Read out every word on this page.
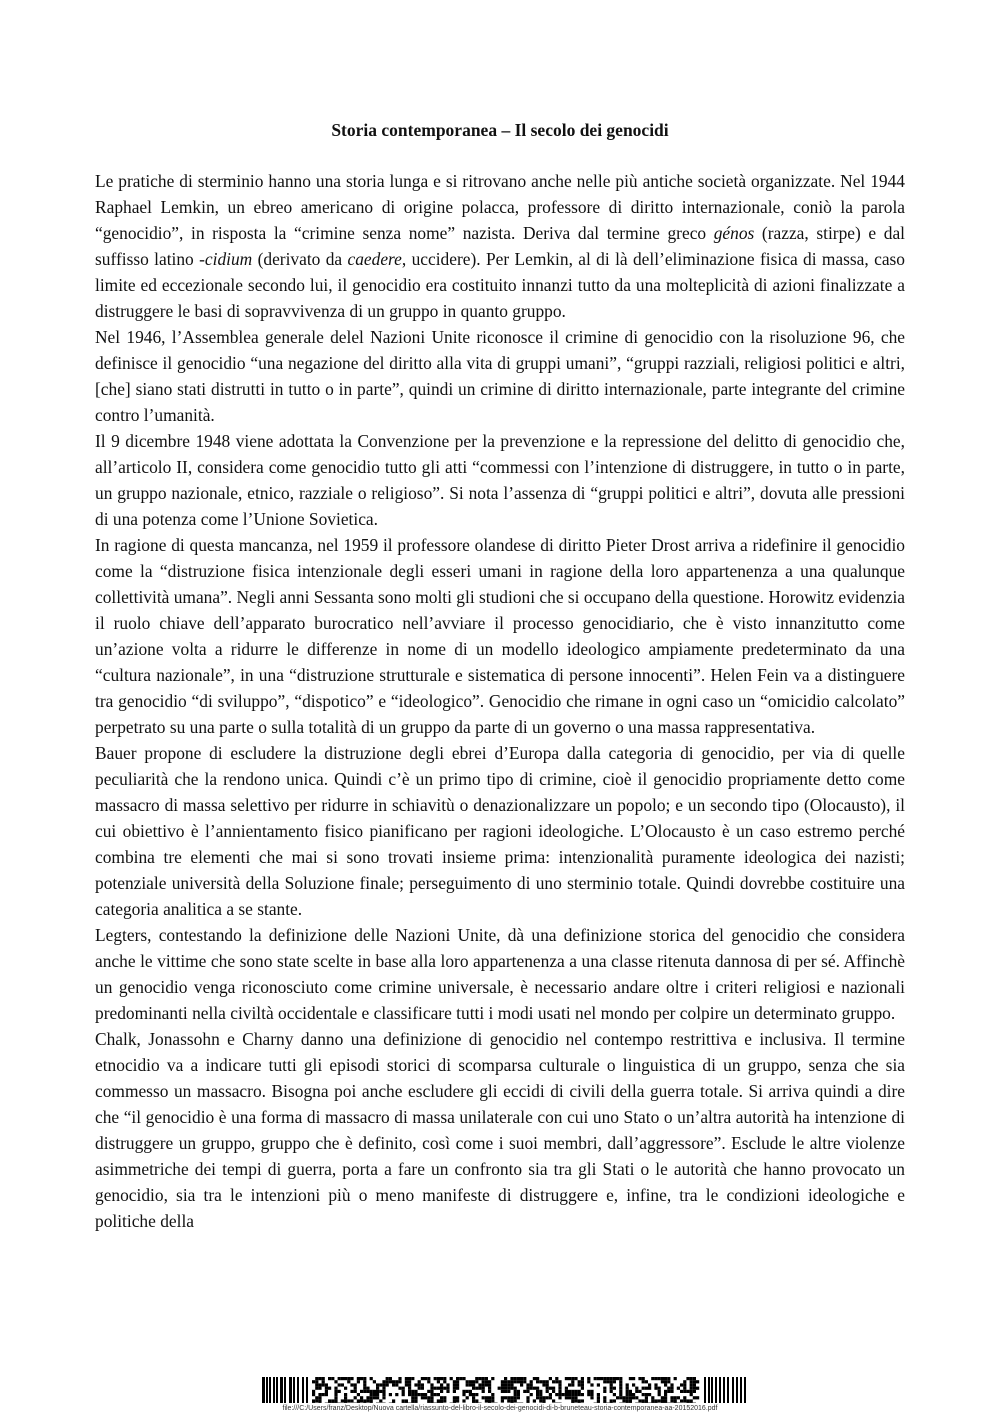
Storia contemporanea – Il secolo dei genocidi

Le pratiche di sterminio hanno una storia lunga e si ritrovano anche nelle più antiche società organizzate. Nel 1944 Raphael Lemkin, un ebreo americano di origine polacca, professore di diritto internazionale, coniò la parola “genocidio”, in risposta la “crimine senza nome” nazista. Deriva dal termine greco génos (razza, stirpe) e dal suffisso latino -cidium (derivato da caedere, uccidere). Per Lemkin, al di là dell’eliminazione fisica di massa, caso limite ed eccezionale secondo lui, il genocidio era costituito innanzi tutto da una molteplicità di azioni finalizzate a distruggere le basi di sopravvivenza di un gruppo in quanto gruppo.

Nel 1946, l’Assemblea generale delel Nazioni Unite riconosce il crimine di genocidio con la risoluzione 96, che definisce il genocidio “una negazione del diritto alla vita di gruppi umani”, “gruppi razziali, religiosi politici e altri, [che] siano stati distrutti in tutto o in parte”, quindi un crimine di diritto internazionale, parte integrante del crimine contro l’umanità.

Il 9 dicembre 1948 viene adottata la Convenzione per la prevenzione e la repressione del delitto di genocidio che, all’articolo II, considera come genocidio tutto gli atti “commessi con l’intenzione di distruggere, in tutto o in parte, un gruppo nazionale, etnico, razziale o religioso”. Si nota l’assenza di “gruppi politici e altri”, dovuta alle pressioni di una potenza come l’Unione Sovietica.

In ragione di questa mancanza, nel 1959 il professore olandese di diritto Pieter Drost arriva a ridefinire il genocidio come la “distruzione fisica intenzionale degli esseri umani in ragione della loro appartenenza a una qualunque collettività umana”. Negli anni Sessanta sono molti gli studioni che si occupano della questione. Horowitz evidenzia il ruolo chiave dell’apparato burocratico nell’avviare il processo genocidiario, che è visto innanzitutto come un’azione volta a ridurre le differenze in nome di un modello ideologico ampiamente predeterminato da una “cultura nazionale”, in una “distruzione strutturale e sistematica di persone innocenti”. Helen Fein va a distinguere tra genocidio “di sviluppo”, “dispotico” e “ideologico”. Genocidio che rimane in ogni caso un “omicidio calcolato” perpetrato su una parte o sulla totalità di un gruppo da parte di un governo o una massa rappresentativa.

Bauer propone di escludere la distruzione degli ebrei d’Europa dalla categoria di genocidio, per via di quelle peculiarità che la rendono unica. Quindi c’è un primo tipo di crimine, cioè il genocidio propriamente detto come massacro di massa selettivo per ridurre in schiavitù o denazionalizzare un popolo; e un secondo tipo (Olocausto), il cui obiettivo è l’annientamento fisico pianificano per ragioni ideologiche. L’Olocausto è un caso estremo perché combina tre elementi che mai si sono trovati insieme prima: intenzionalità puramente ideologica dei nazisti; potenziale università della Soluzione finale; perseguimento di uno sterminio totale. Quindi dovrebbe costituire una categoria analitica a se stante.

Legters, contestando la definizione delle Nazioni Unite, dà una definizione storica del genocidio che considera anche le vittime che sono state scelte in base alla loro appartenenza a una classe ritenuta dannosa di per sé. Affinchè un genocidio venga riconosciuto come crimine universale, è necessario andare oltre i criteri religiosi e nazionali predominanti nella civiltà occidentale e classificare tutti i modi usati nel mondo per colpire un determinato gruppo.

Chalk, Jonassohn e Charny danno una definizione di genocidio nel contempo restrittiva e inclusiva. Il termine etnocidio va a indicare tutti gli episodi storici di scomparsa culturale o linguistica di un gruppo, senza che sia commesso un massacro. Bisogna poi anche escludere gli eccidi di civili della guerra totale. Si arriva quindi a dire che “il genocidio è una forma di massacro di massa unilaterale con cui uno Stato o un’altra autorità ha intenzione di distruggere un gruppo, gruppo che è definito, così come i suoi membri, dall’aggressore”. Esclude le altre violenze asimmetriche dei tempi di guerra, porta a fare un confronto sia tra gli Stati o le autorità che hanno provocato un genocidio, sia tra le intenzioni più o meno manifeste di distruggere e, infine, tra le condizioni ideologiche e politiche della

file:///C:/Users/franz/Desktop/Nuova cartella/riassunto-del-libro-il-secolo-dei-genocidi-di-b-bruneteau-storia-contemporanea-aa-20152016.pdf
